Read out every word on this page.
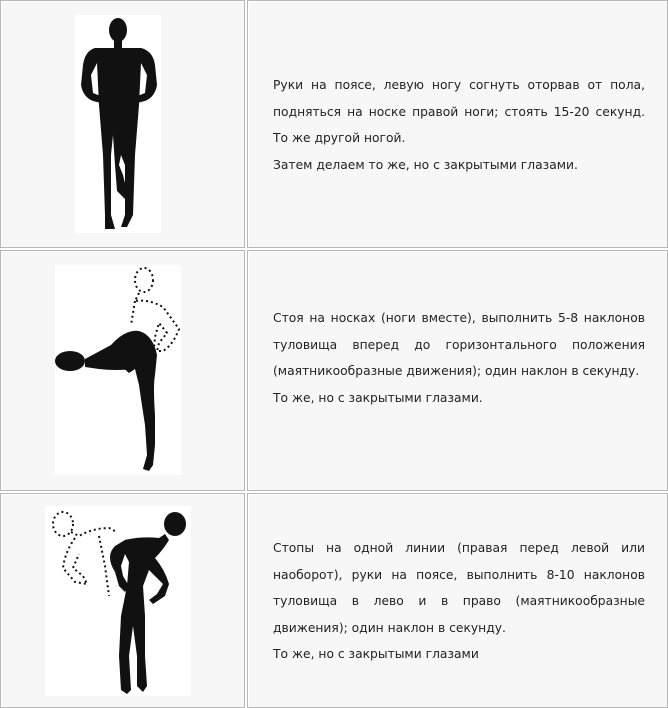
Руки на поясе, левую ногу согнуть оторвав от пола, подняться на носке правой ноги; стоять 15-20 секунд. То же другой ногой.

Затем делаем то же, но с закрытыми глазами.

Стоя на носках (ноги вместе), выполнить 5-8 наклонов туловища вперед до горизонтального положения (маятникообразные движения); один наклон в секунду.

То же, но с закрытыми глазами.

Стопы на одной линии (правая перед левой или наоборот), руки на поясе, выполнить 8-10 наклонов туловища в лево и в право (маятникообразные движения); один наклон в секунду.

То же, но с закрытыми глазами
